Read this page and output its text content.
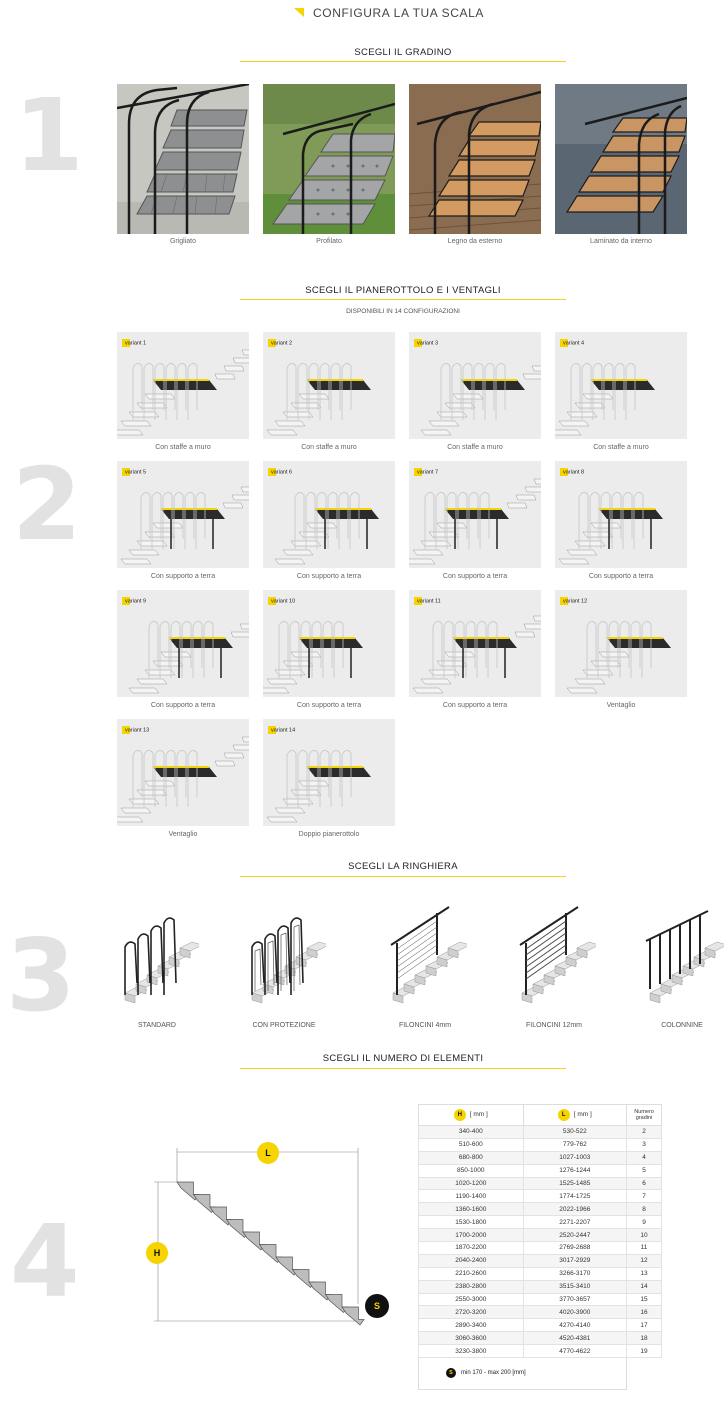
CONFIGURA LA TUA SCALA
1
SCEGLI IL GRADINO
Grigliato	Profilato	Legno da esterno	Laminato da interno
SCEGLI IL PIANEROTTOLO E I VENTAGLI
DISPONIBILI IN 14 CONFIGURAZIONI
2
variant 1
Con staffe a muro
variant 2
Con staffe a muro
variant 3
Con staffe a muro
variant 4
Con staffe a muro
variant 5
Con supporto a terra
variant 6
Con supporto a terra
variant 7
Con supporto a terra
variant 8
Con supporto a terra
variant 9
Con supporto a terra
variant 10
Con supporto a terra
variant 11
Con supporto a terra
variant 12
Ventaglio
variant 13
Ventaglio
variant 14
Doppio pianerottolo
SCEGLI LA RINGHIERA
3	STANDARD	CON PROTEZIONE	FILONCINI 4mm	FILONCINI 12mm	COLONNINE
SCEGLI IL NUMERO DI ELEMENTI
4
L
H
S
H [ mm ]	L [ mm ]	Numero gradini
340-400	530-522	2
510-600	779-762	3
680-800	1027-1003	4
850-1000	1276-1244	5
1020-1200	1525-1485	6
1190-1400	1774-1725	7
1360-1600	2022-1966	8
1530-1800	2271-2207	9
1700-2000	2520-2447	10
1870-2200	2769-2688	11
2040-2400	3017-2929	12
2210-2600	3266-3170	13
2380-2800	3515-3410	14
2550-3000	3770-3657	15
2720-3200	4020-3900	16
2890-3400	4270-4140	17
3060-3600	4520-4381	18
3230-3800	4770-4622	19
S min 170 - max 200 [mm]
